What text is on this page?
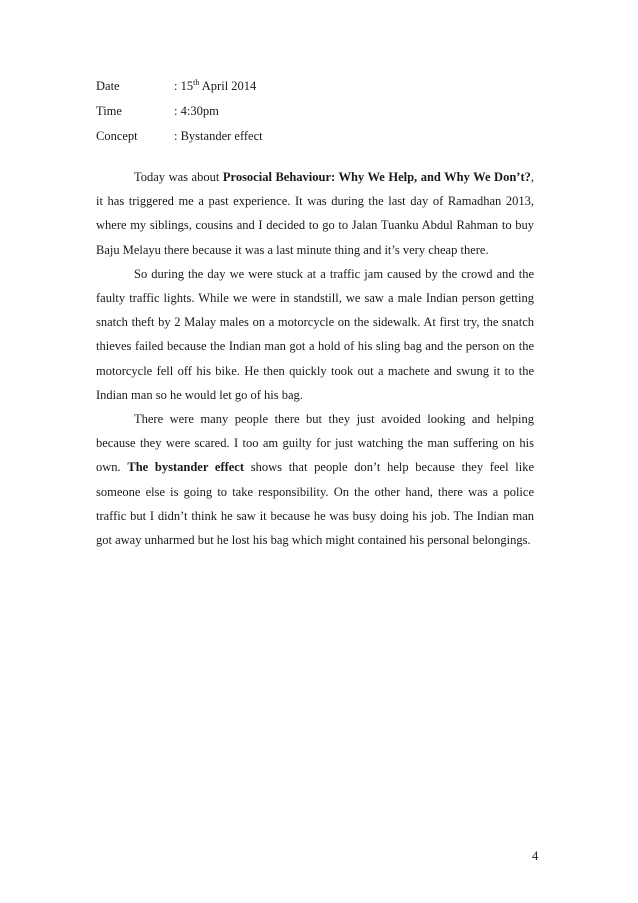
Date	: 15th April 2014
Time	: 4:30pm
Concept	: Bystander effect

Today was about Prosocial Behaviour: Why We Help, and Why We Don’t?, it has triggered me a past experience. It was during the last day of Ramadhan 2013, where my siblings, cousins and I decided to go to Jalan Tuanku Abdul Rahman to buy Baju Melayu there because it was a last minute thing and it’s very cheap there.

So during the day we were stuck at a traffic jam caused by the crowd and the faulty traffic lights. While we were in standstill, we saw a male Indian person getting snatch theft by 2 Malay males on a motorcycle on the sidewalk. At first try, the snatch thieves failed because the Indian man got a hold of his sling bag and the person on the motorcycle fell off his bike. He then quickly took out a machete and swung it to the Indian man so he would let go of his bag.

There were many people there but they just avoided looking and helping because they were scared. I too am guilty for just watching the man suffering on his own. The bystander effect shows that people don’t help because they feel like someone else is going to take responsibility. On the other hand, there was a police traffic but I didn’t think he saw it because he was busy doing his job. The Indian man got away unharmed but he lost his bag which might contained his personal belongings.

4
